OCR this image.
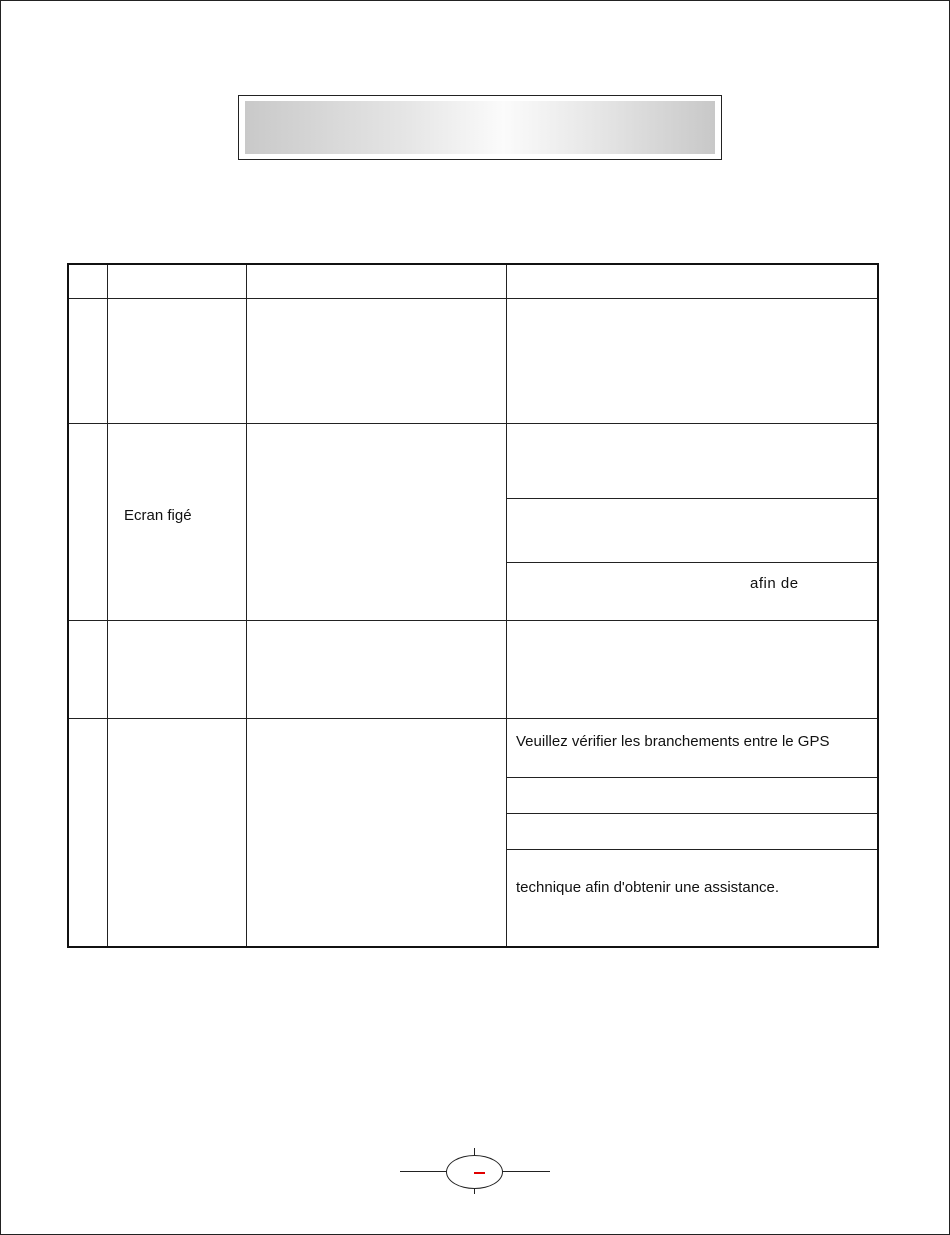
Ecran figé
afin de
Veuillez vérifier les branchements entre le GPS
technique afin d'obtenir une assistance.
